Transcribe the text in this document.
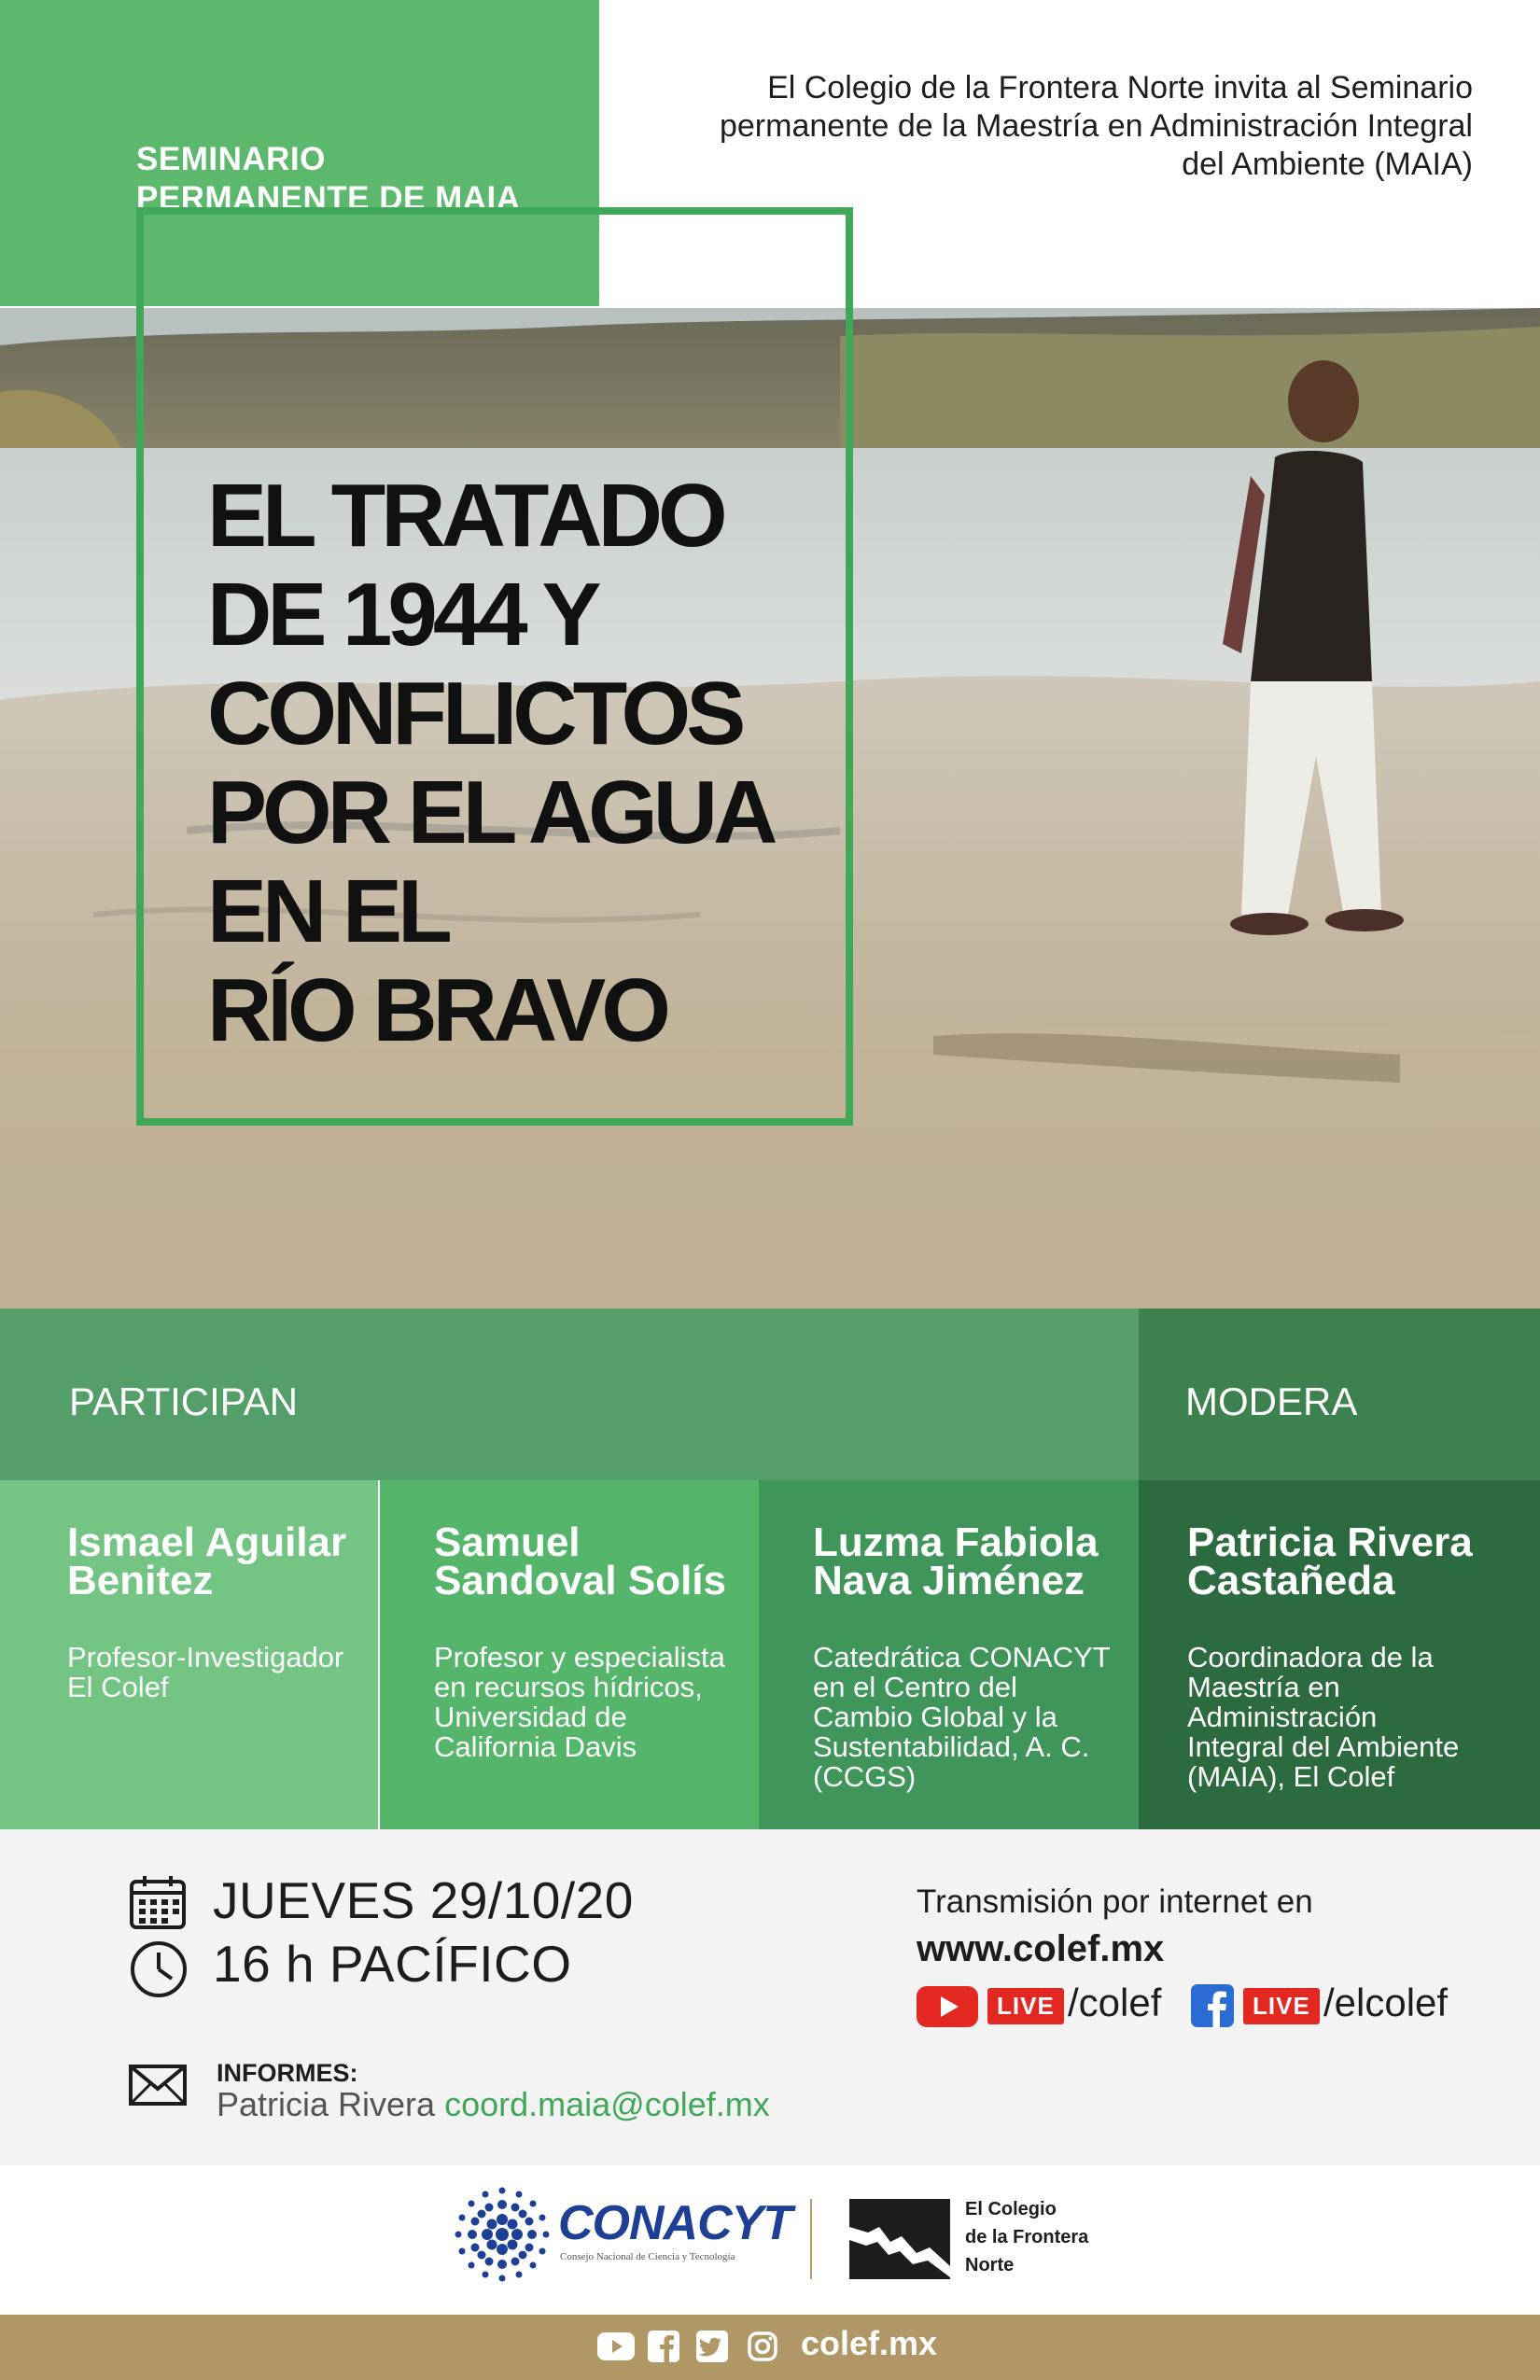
SEMINARIO
PERMANENTE DE MAIA
El Colegio de la Frontera Norte invita al Seminario
permanente de la Maestría en Administración Integral
del Ambiente (MAIA)
EL TRATADO
DE 1944 Y
CONFLICTOS
POR EL AGUA
EN EL
RÍO BRAVO
PARTICIPAN	MODERA
Ismael Aguilar
Benitez
Profesor-Investigador
El Colef
Samuel
Sandoval Solís
Profesor y especialista
en recursos hídricos,
Universidad de
California Davis
Luzma Fabiola
Nava Jiménez
Catedrática CONACYT
en el Centro del
Cambio Global y la
Sustentabilidad, A. C.
(CCGS)
Patricia Rivera
Castañeda
Coordinadora de la
Maestría en
Administración
Integral del Ambiente
(MAIA), El Colef
JUEVES 29/10/20
16 h PACÍFICO
Transmisión por internet en
www.colef.mx
LIVE /colef	LIVE /elcolef
INFORMES:
Patricia Rivera coord.maia@colef.mx
CONACYT
Consejo Nacional de Ciencia y Tecnología
El Colegio
de la Frontera
Norte
colef.mx
